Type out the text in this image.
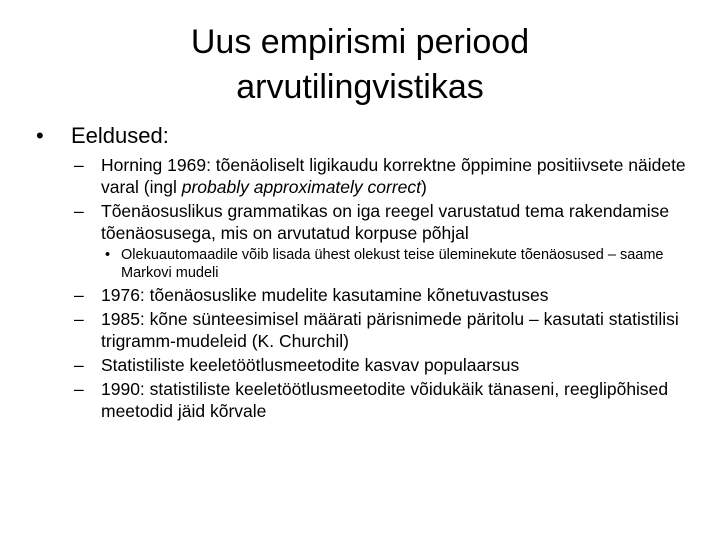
Uus empirismi periood
arvutilingvistikas
• Eeldused:
– Horning 1969: tõenäoliselt ligikaudu korrektne õppimine positiivsete näidete varal (ingl probably approximately correct)
– Tõenäosuslikus grammatikas on iga reegel varustatud tema rakendamise tõenäosusega, mis on arvutatud korpuse põhjal
• Olekuautomaadile võib lisada ühest olekust teise üleminekute tõenäosused – saame Markovi mudeli
– 1976: tõenäosuslike mudelite kasutamine kõnetuvastuses
– 1985: kõne sünteesimisel määrati pärisnimede päritolu – kasutati statistilisi trigramm-mudeleid (K. Churchil)
– Statistiliste keeletöötlusmeetodite kasvav populaarsus
– 1990: statistiliste keeletöötlusmeetodite võidukäik tänaseni, reeglipõhised meetodid jäid kõrvale
